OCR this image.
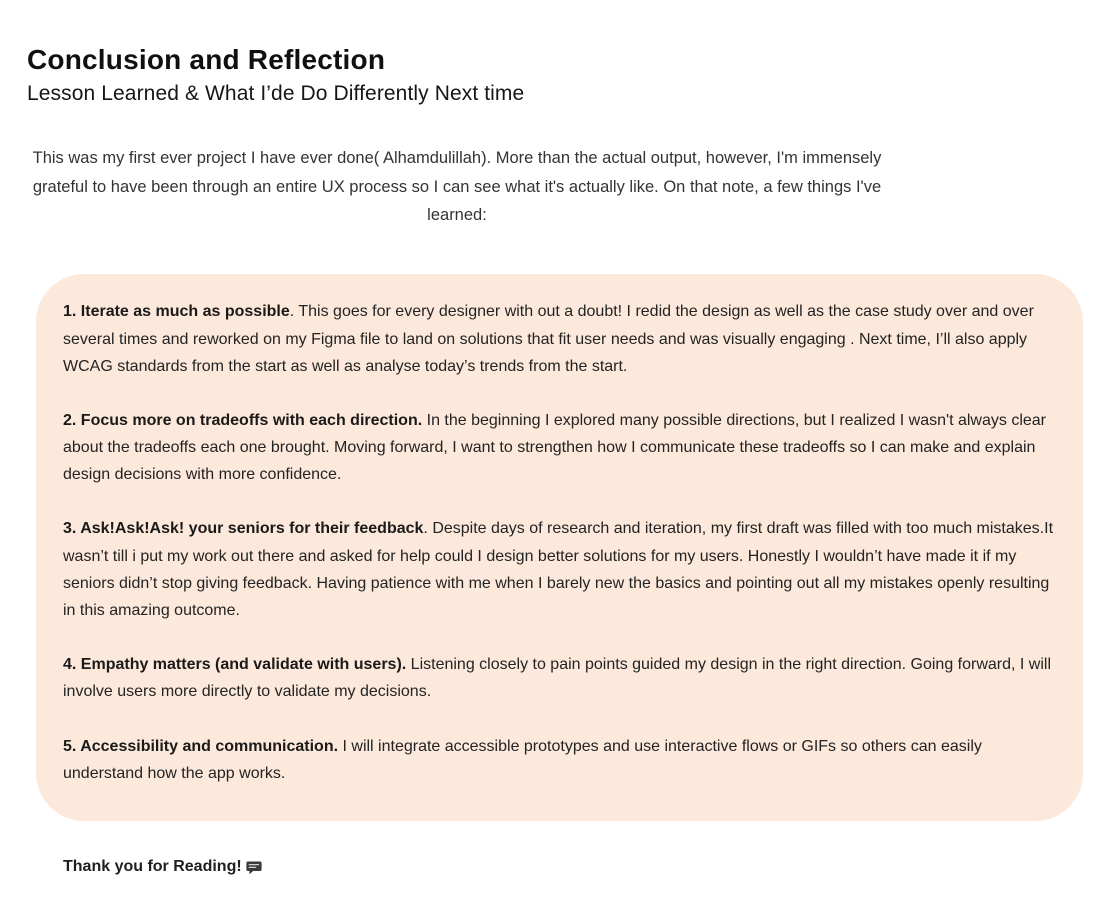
Conclusion and Reflection
Lesson Learned & What I’de Do Differently Next time

This was my first ever project I have ever done( Alhamdulillah). More than the actual output, however, I'm immensely grateful to have been through an entire UX process so I can see what it's actually like. On that note, a few things I've learned:

1. Iterate as much as possible. This goes for every designer with out a doubt! I redid the design as well as the case study over and over several times and reworked on my Figma file to land on solutions that fit user needs and was visually engaging . Next time, I’ll also apply WCAG standards from the start as well as analyse today’s trends from the start.

2. Focus more on tradeoffs with each direction. In the beginning I explored many possible directions, but I realized I wasn't always clear about the tradeoffs each one brought. Moving forward, I want to strengthen how I communicate these tradeoffs so I can make and explain design decisions with more confidence.

3. Ask!Ask!Ask! your seniors for their feedback. Despite days of research and iteration, my first draft was filled with too much mistakes.It wasn’t till i put my work out there and asked for help could I design better solutions for my users. Honestly I wouldn’t have made it if my seniors didn’t stop giving feedback. Having patience with me when I barely new the basics and pointing out all my mistakes openly resulting in this amazing outcome.

4. Empathy matters (and validate with users). Listening closely to pain points guided my design in the right direction. Going forward, I will involve users more directly to validate my decisions.

5. Accessibility and communication. I will integrate accessible prototypes and use interactive flows or GIFs so others can easily understand how the app works.

Thank you for Reading!
